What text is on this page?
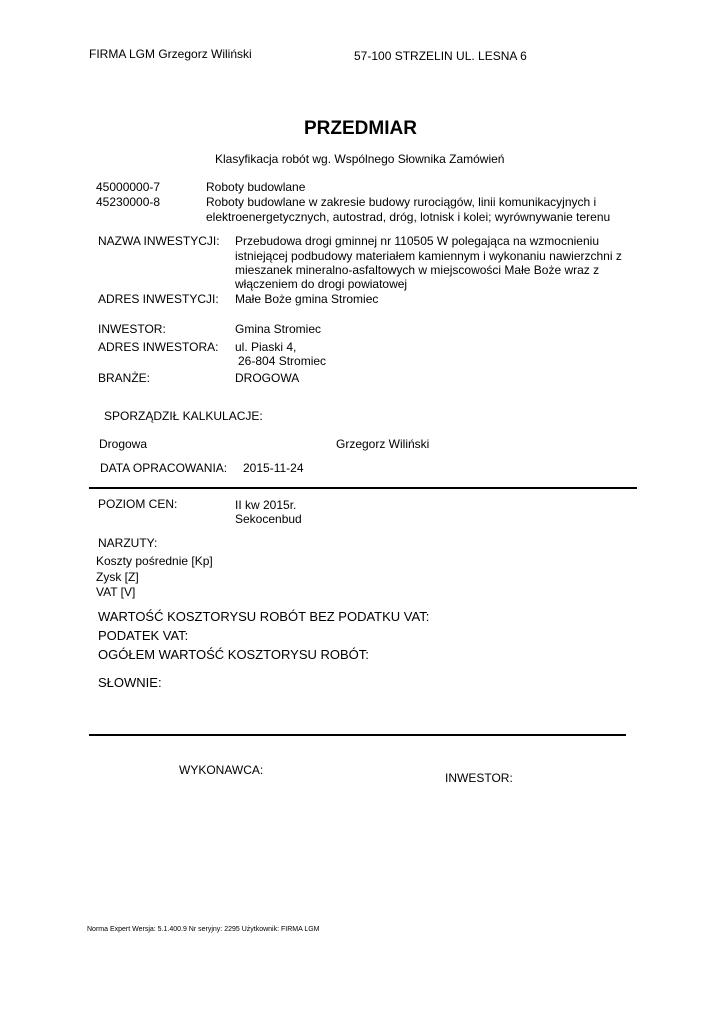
FIRMA LGM Grzegorz Wiliński	57-100 STRZELIN UL. LESNA 6
PRZEDMIAR
Klasyfikacja robót wg. Wspólnego Słownika Zamówień
45000000-7	Roboty budowlane
45230000-8	Roboty budowlane w zakresie budowy rurociągów, linii komunikacyjnych i
elektroenergetycznych, autostrad, dróg, lotnisk i kolei; wyrównywanie terenu
NAZWA INWESTYCJI: Przebudowa drogi gminnej nr 110505 W polegająca na wzmocnieniu
istniejącej podbudowy materiałem kamiennym i wykonaniu nawierzchni z
mieszanek mineralno-asfaltowych w miejscowości Małe Boże wraz z
włączeniem do drogi powiatowej
ADRES INWESTYCJI: Małe Boże gmina Stromiec
INWESTOR:	Gmina Stromiec
ADRES INWESTORA: ul. Piaski 4,
26-804 Stromiec
BRANŻE:	DROGOWA
SPORZĄDZIŁ KALKULACJE:
Drogowa	Grzegorz Wiliński
DATA OPRACOWANIA: 2015-11-24
POZIOM CEN:	II kw 2015r.
Sekocenbud
NARZUTY:
Koszty pośrednie [Kp]
Zysk [Z]
VAT [V]
WARTOŚĆ KOSZTORYSU ROBÓT BEZ PODATKU VAT:
PODATEK VAT:
OGÓŁEM WARTOŚĆ KOSZTORYSU ROBÓT:
SŁOWNIE:
WYKONAWCA:
INWESTOR:
Norma Expert Wersja: 5.1.400.9 Nr seryjny: 2295 Użytkownik: FIRMA LGM
